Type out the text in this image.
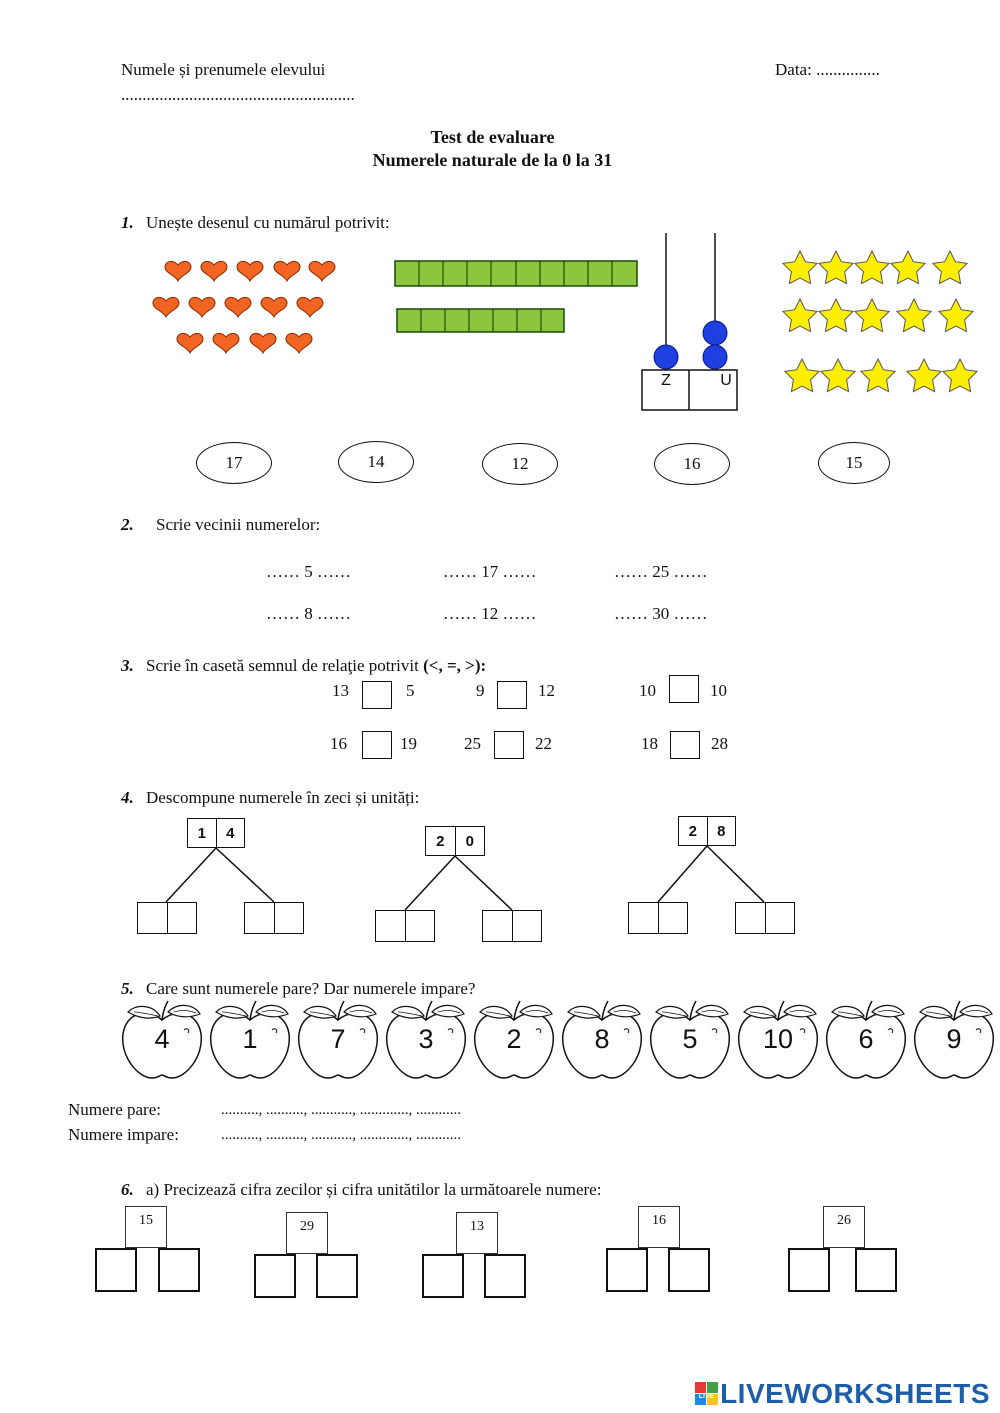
Numele și prenumele elevului
.......................................................
Data: ...............
Test de evaluare
Numerele naturale de la 0 la 31
1. Unește desenul cu numărul potrivit:
Z	U
17	14	12	16	15
2. Scrie vecinii numerelor:
…… 5 ……	…… 17 ……	…… 25 ……
…… 8 ……	…… 12 ……	…… 30 ……
3. Scrie în casetă semnul de relaţie potrivit (<, =, >):
13	5	9	12	10	10
16	19	25	22	18	28
4. Descompune numerele în zeci și unități:
1	4	2	0
2	8
5. Care sunt numerele pare? Dar numerele impare?
4	1	7	3	2	8	5	10	6	9
Numere pare:	.........., .........., ..........., ............., ............
Numere impare:	.........., .........., ..........., ............., ............
6. a) Precizează cifra zecilor și cifra unitătilor la următoarele numere:
15	29	13	16	26
LIVE LIVEWORKSHEETS
